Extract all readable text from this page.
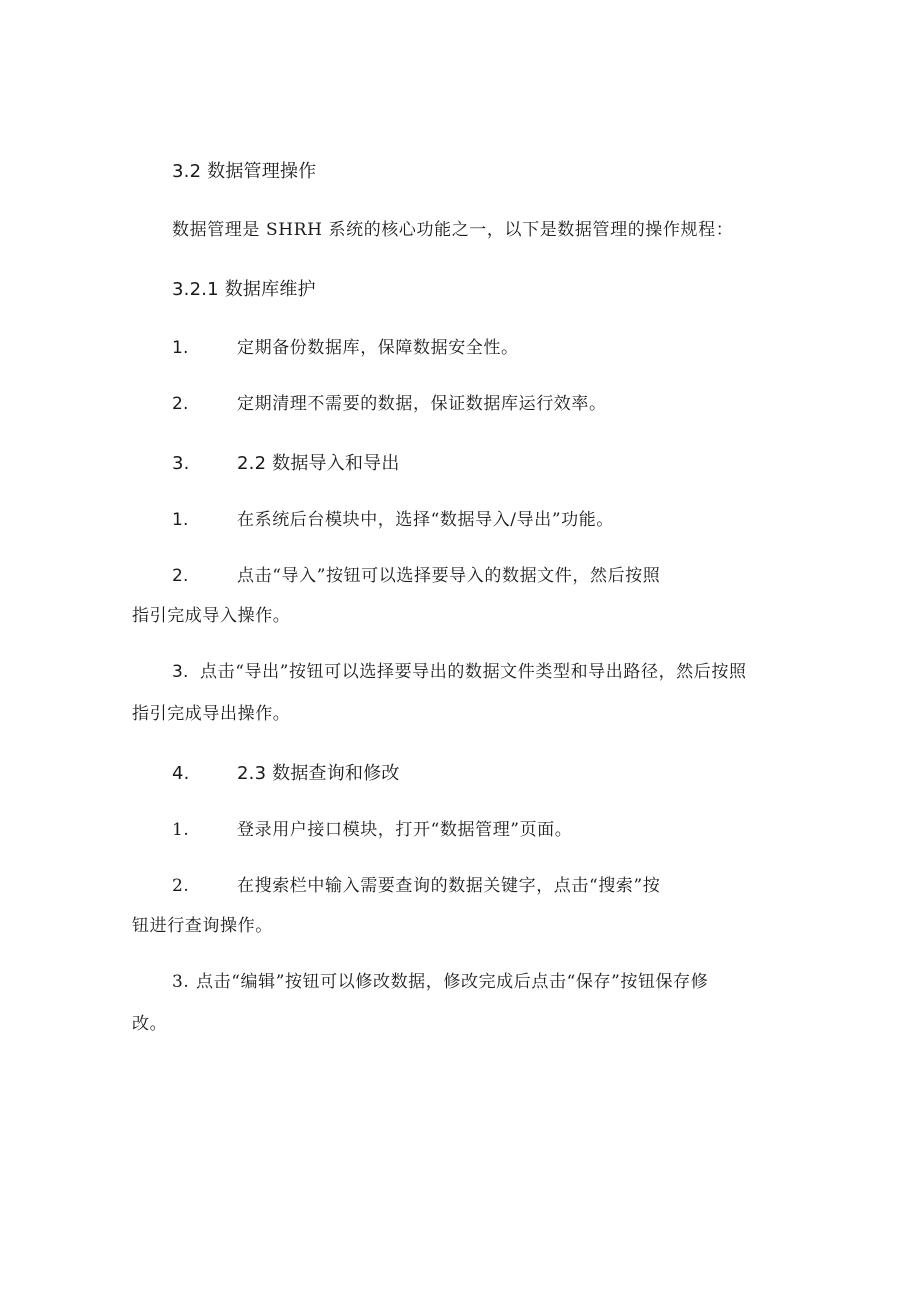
3.2 数据管理操作
数据管理是 SHRH 系统的核心功能之一，以下是数据管理的操作规程：
3.2.1 数据库维护
1.	定期备份数据库，保障数据安全性。
2.	定期清理不需要的数据，保证数据库运行效率。
3.	2.2 数据导入和导出
1.	在系统后台模块中，选择“数据导入/导出”功能。
2.	点击“导入”按钮可以选择要导入的数据文件，然后按照
指引完成导入操作。
3. 点击“导出”按钮可以选择要导出的数据文件类型和导出路径，然后按照
指引完成导出操作。
4.	2.3 数据查询和修改
1.	登录用户接口模块，打开“数据管理”页面。
2.	在搜索栏中输入需要查询的数据关键字，点击“搜索”按
钮进行查询操作。
3. 点击“编辑”按钮可以修改数据，修改完成后点击“保存”按钮保存修
改。
